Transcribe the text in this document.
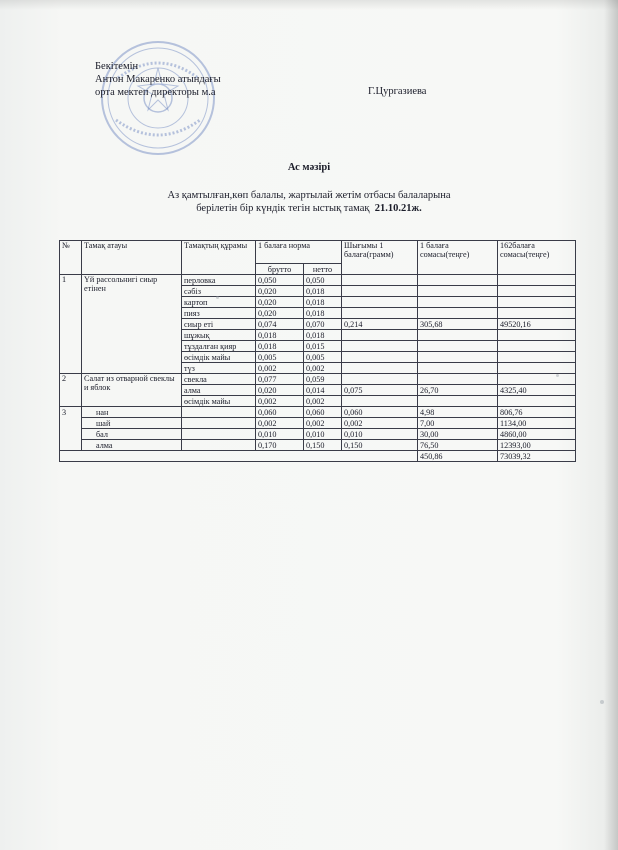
Бекітемін
Антон Макаренко атындағы
орта мектеп директоры м.а	Г.Цургазиева
Ас мәзірі
Аз қамтылған,көп балалы, жартылай жетім отбасы балаларына
берілетін бір күндік тегін ыстық тамақ 21.10.21ж.
№	Тамақ атауы	Тамақтың құрамы	1 балаға норма		Шығымы 1 балаға(грамм)	1 балаға сомасы(теңге)	162балаға сомасы(теңге)
			брутто	нетто			
1	Үй рассольнигі сиыр етінен	перловка	0,050	0,050			
		сәбіз	0,020	0,018			
		картоп	0,020	0,018			
		пияз	0,020	0,018			
		сиыр еті	0,074	0,070	0,214	305,68	49520,16
		шұжық	0,018	0,018			
		тұздалған қияр	0,018	0,015			
		өсімдік майы	0,005	0,005			
		түз	0,002	0,002			
2	Салат из отварной свеклы и яблок	свекла	0,077	0,059			
		алма	0,020	0,014	0,075	26,70	4325,40
		өсімдік майы	0,002	0,002			
3	нан		0,060	0,060	0,060	4,98	806,76
	шай		0,002	0,002	0,002	7,00	1134,00
	бал		0,010	0,010	0,010	30,00	4860,00
	алма		0,170	0,150	0,150	76,50	12393,00
						450,86	73039,32
